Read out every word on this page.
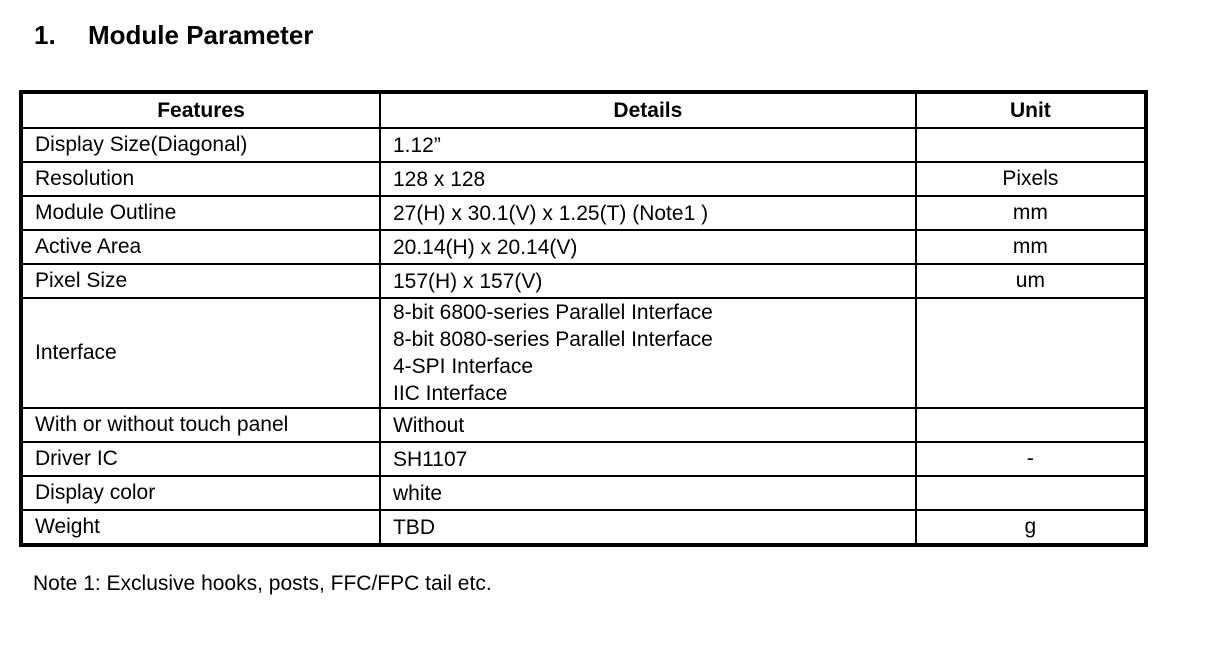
1. Module Parameter
Features	Details	Unit
Display Size(Diagonal)	1.12”	

Resolution	128 x 128	Pixels
Module Outline	27(H) x 30.1(V) x 1.25(T) (Note1 )	mm
Active Area	20.14(H) x 20.14(V)	mm
Pixel Size	157(H) x 157(V)	um
Interface	8-bit 6800-series Parallel Interface
8-bit 8080-series Parallel Interface
4-SPI Interface
IIC Interface	

With or without touch panel	Without	

Driver IC	SH1107	-
Display color	white	

Weight	TBD	g
Note 1: Exclusive hooks, posts, FFC/FPC tail etc.
